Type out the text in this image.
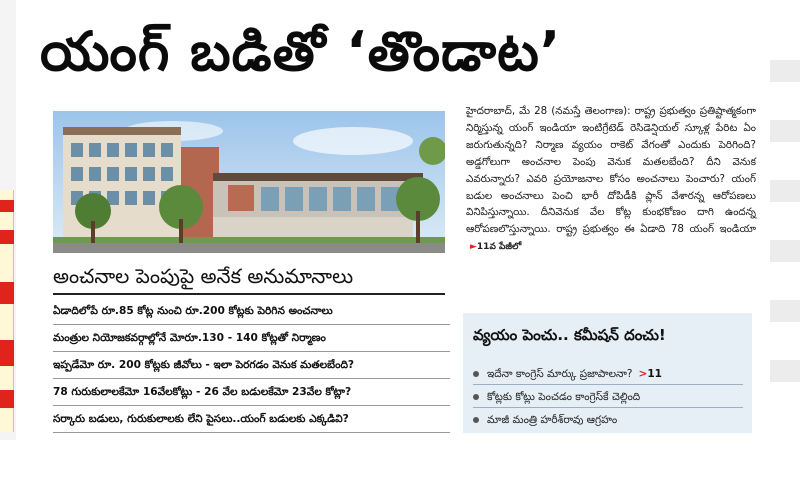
యంగ్ బడితో ‘తొండాట’
అంచనాల పెంపుపై అనేక అనుమానాలు
ఏడాదిలోపే రూ.85 కోట్ల నుంచి రూ.200 కోట్లకు పెరిగిన అంచనాలు
మంత్రుల నియోజకవర్గాల్లోనే మోరూ.130 - 140 కోట్లతో నిర్మాణం
ఇప్పడేమో రూ. 200 కోట్లకు జీవోలు - ఇలా పెరగడం వెనుక మతలబేంది?
78 గురుకులాలకేమో 16వేలకోట్లు - 26 వేల బడులకేమో 23వేల కోట్లా?
సర్కారు బడులు, గురుకులాలకు లేని పైసలు..యంగ్ బడులకు ఎక్కడివి?
హైదరాబాద్, మే 28 (నమస్తే తెలంగాణ): రాష్ట్ర ప్రభుత్వం ప్రతిష్టాత్మకంగా నిర్మిస్తున్న యంగ్ ఇండియా ఇంటిగ్రేటెడ్ రెసిడెన్షియల్ స్కూళ్ల పేరిట ఏం జరుగుతున్నది? నిర్మాణ వ్యయం రాకెట్ వేగంతో ఎందుకు పెరిగింది? అడ్డగోలుగా అంచనాల పెంపు వెనుక మతలబేంది? దీని వెనుక ఎవరున్నారు? ఎవరి ప్రయోజనాల కోసం అంచనాలు పెంచారు? యంగ్ బడుల అంచనాలు పెంచి భారీ దోపిడీకి ప్లాన్ వేశారన్న ఆరోపణలు వినిపిస్తున్నాయి. దీనివెనుక వేల కోట్ల కుంభకోణం దాగి ఉందన్న ఆరోపణలొస్తున్నాయి. రాష్ట్ర ప్రభుత్వం ఈ ఏడాది 78 యంగ్ ఇండియా ►11వ పేజీలో
వ్యయం పెంచు.. కమీషన్ దంచు!
ఇదేనా కాంగ్రెస్ మార్కు ప్రజాపాలనా? >11
కోట్లకు కోట్లు పెంచడం కాంగ్రెస్‌కే చెల్లింది
మాజీ మంత్రి హరీశ్‌రావు ఆగ్రహం
